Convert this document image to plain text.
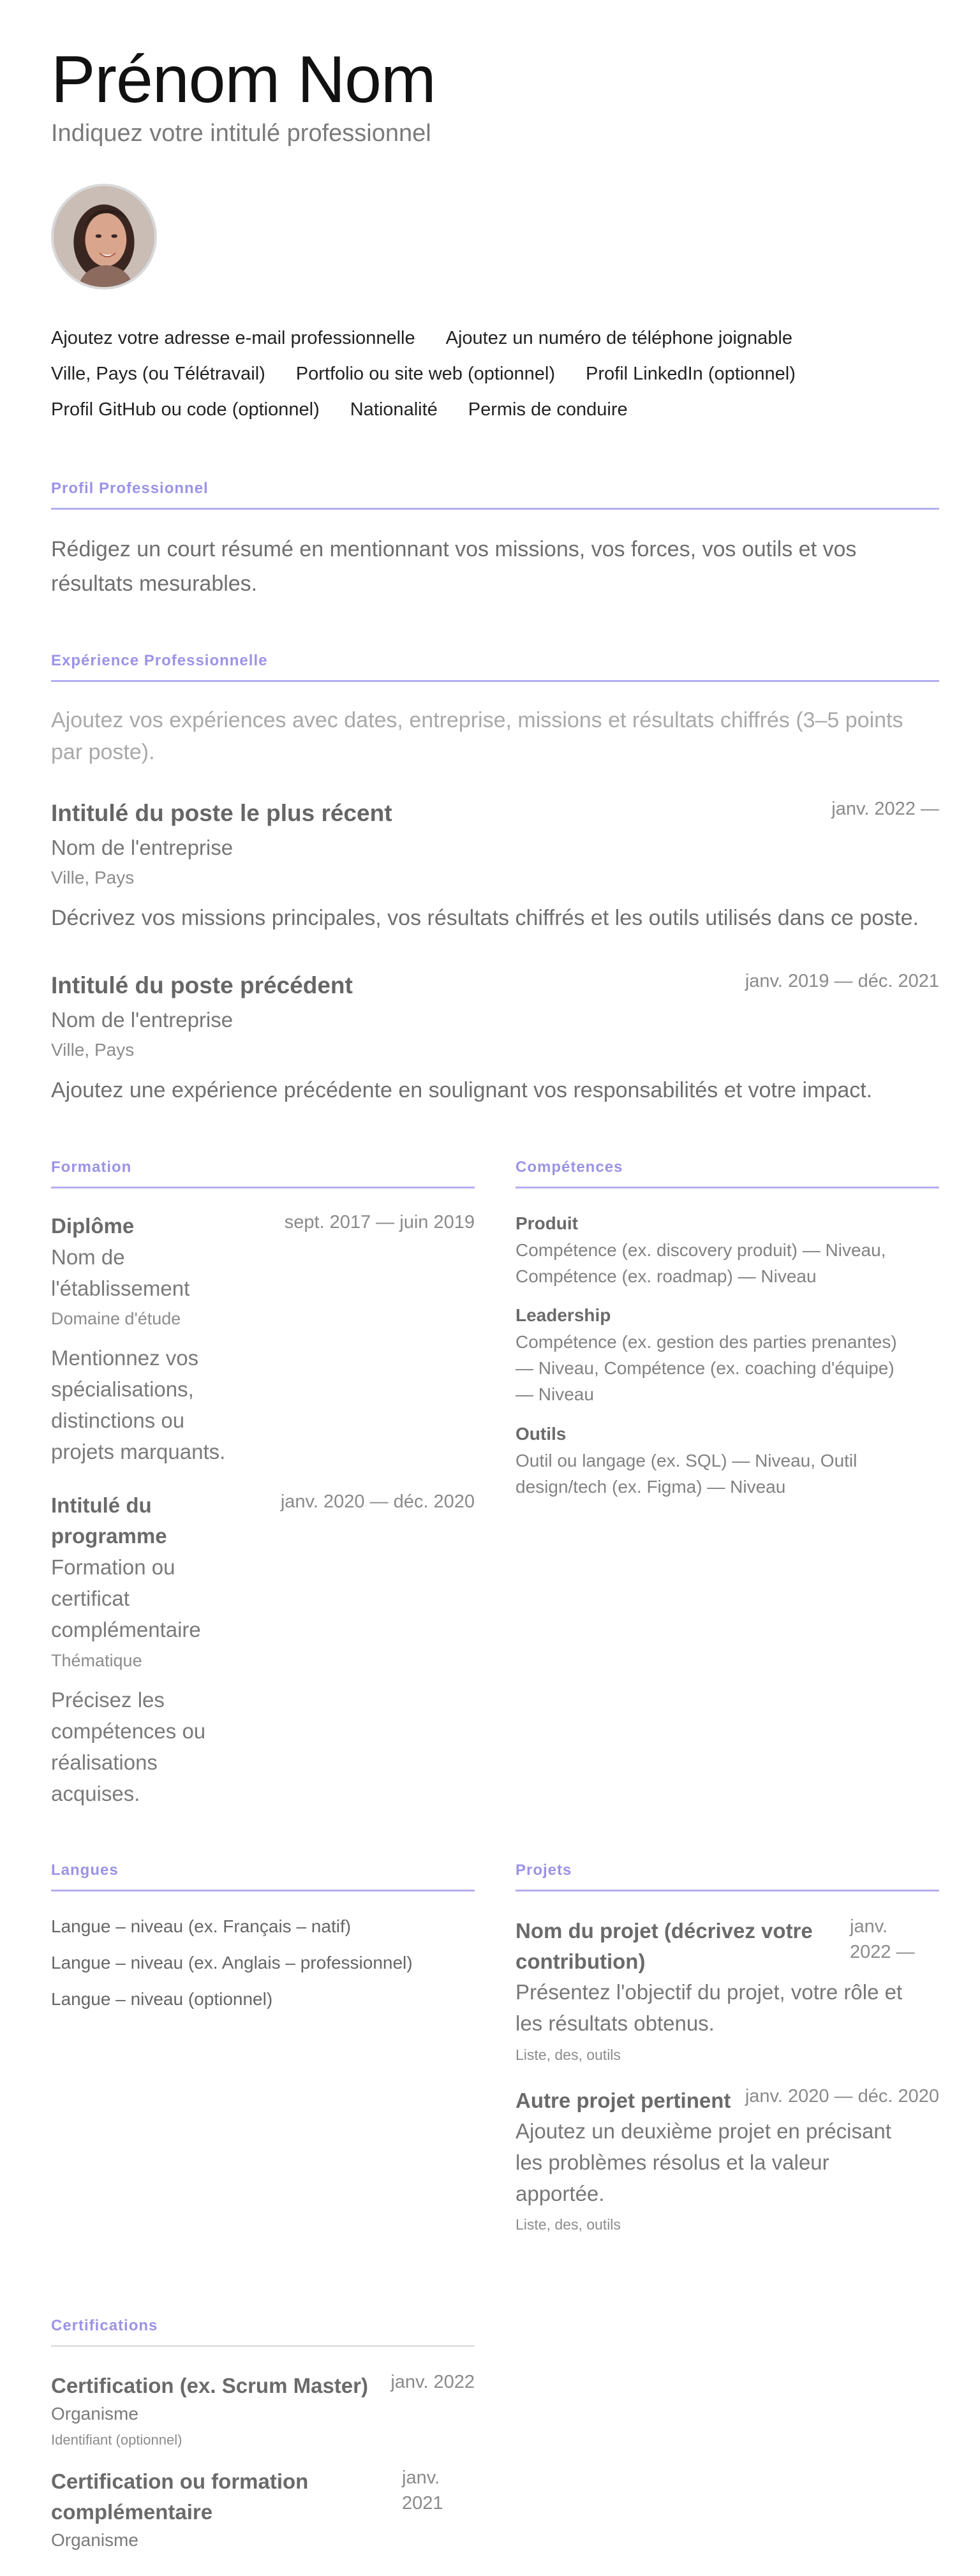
Prénom Nom
Indiquez votre intitulé professionnel
Ajoutez votre adresse e-mail professionnelle Ajoutez un numéro de téléphone joignable
Ville, Pays (ou Télétravail) Portfolio ou site web (optionnel) Profil LinkedIn (optionnel)
Profil GitHub ou code (optionnel) Nationalité Permis de conduire
Profil Professionnel
Rédigez un court résumé en mentionnant vos missions, vos forces, vos outils et vos résultats mesurables.
Expérience Professionnelle
Ajoutez vos expériences avec dates, entreprise, missions et résultats chiffrés (3–5 points par poste).
Intitulé du poste le plus récent	janv. 2022 —
Nom de l'entreprise
Ville, Pays
Décrivez vos missions principales, vos résultats chiffrés et les outils utilisés dans ce poste.
Intitulé du poste précédent	janv. 2019 — déc. 2021
Nom de l'entreprise
Ville, Pays
Ajoutez une expérience précédente en soulignant vos responsabilités et votre impact.
Formation
Diplôme	sept. 2017 — juin 2019
Nom de
l'établissement
Domaine d'étude
Mentionnez vos
spécialisations,
distinctions ou
projets marquants.
Intitulé du
programme
janv. 2020 — déc. 2020
Formation ou
certificat
complémentaire
Thématique
Précisez les
compétences ou
réalisations
acquises.
Compétences
Produit
Compétence (ex. discovery produit) — Niveau,
Compétence (ex. roadmap) — Niveau
Leadership
Compétence (ex. gestion des parties prenantes)
— Niveau, Compétence (ex. coaching d'équipe)
— Niveau
Outils
Outil ou langage (ex. SQL) — Niveau, Outil
design/tech (ex. Figma) — Niveau
Langues
Langue – niveau (ex. Français – natif)
Langue – niveau (ex. Anglais – professionnel)
Langue – niveau (optionnel)
Projets
Nom du projet (décrivez votre
contribution)
janv.
2022 —
Présentez l'objectif du projet, votre rôle et
les résultats obtenus.
Liste, des, outils
Autre projet pertinent janv. 2020 — déc. 2020
Ajoutez un deuxième projet en précisant
les problèmes résolus et la valeur
apportée.
Liste, des, outils
Certifications
Certification (ex. Scrum Master)	janv. 2022
Organisme
Identifiant (optionnel)
Certification ou formation
complémentaire
janv.
2021
Organisme
